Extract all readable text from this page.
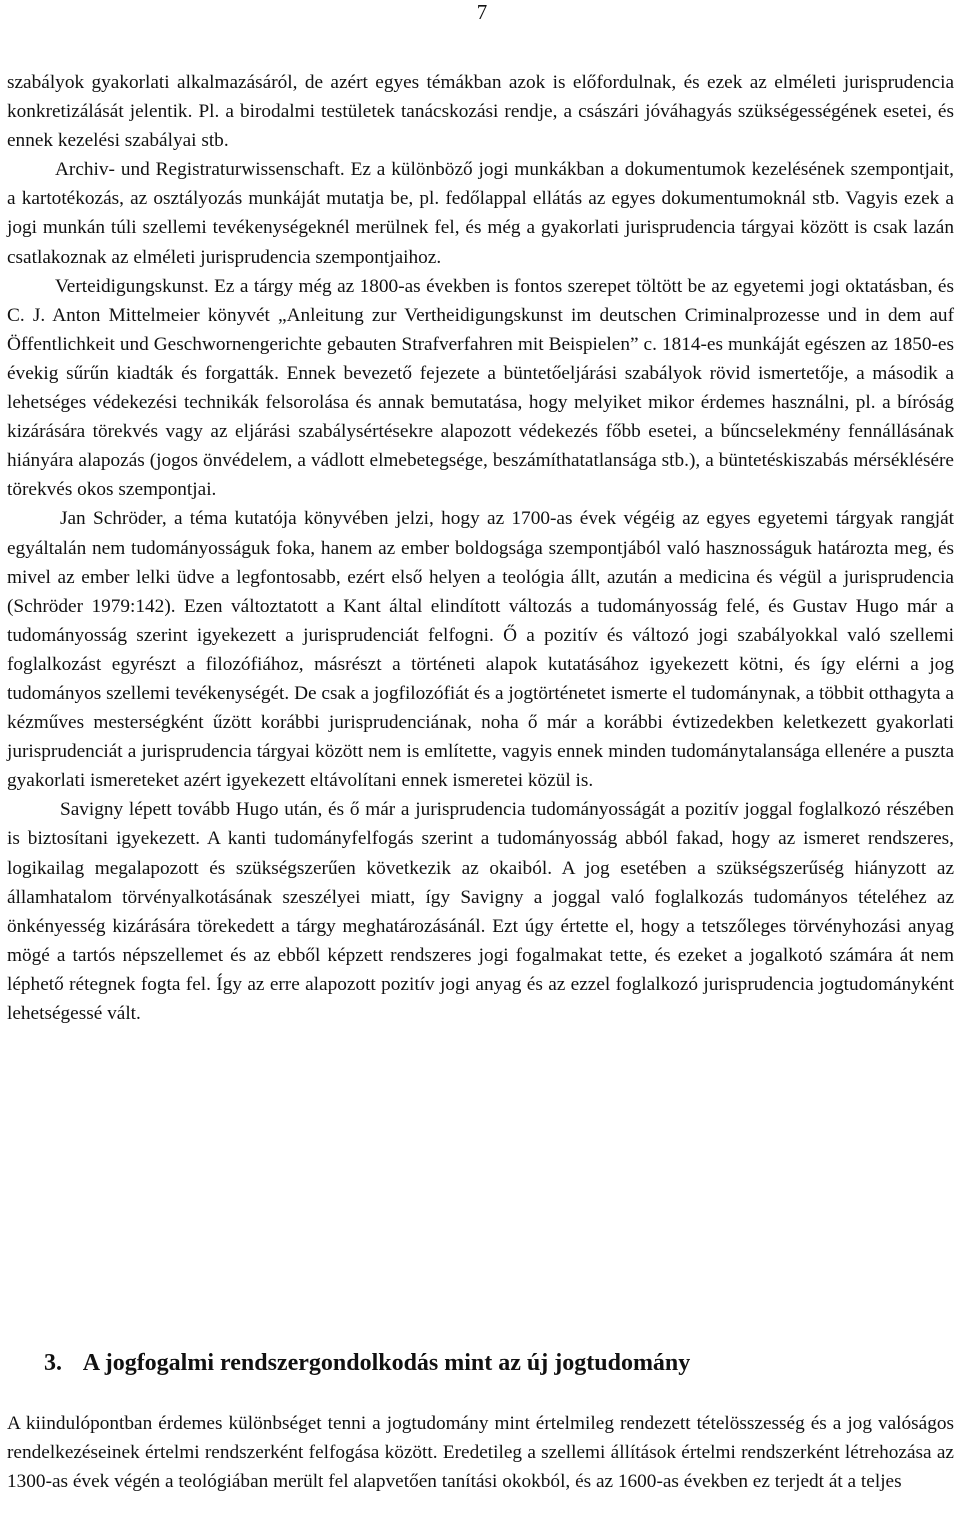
7

szabályok gyakorlati alkalmazásáról, de azért egyes témákban azok is előfordulnak, és ezek az elméleti jurisprudencia konkretizálását jelentik. Pl. a birodalmi testületek tanácskozási rendje, a császári jóváhagyás szükségességének esetei, és ennek kezelési szabályai stb.

Archiv- und Registraturwissenschaft. Ez a különböző jogi munkákban a dokumentumok kezelésének szempontjait, a kartotékozás, az osztályozás munkáját mutatja be, pl. fedőlappal ellátás az egyes dokumentumoknál stb. Vagyis ezek a jogi munkán túli szellemi tevékenységeknél merülnek fel, és még a gyakorlati jurisprudencia tárgyai között is csak lazán csatlakoznak az elméleti jurisprudencia szempontjaihoz.

Verteidigungskunst. Ez a tárgy még az 1800-as években is fontos szerepet töltött be az egyetemi jogi oktatásban, és C. J. Anton Mittelmeier könyvét „Anleitung zur Vertheidigungskunst im deutschen Criminalprozesse und in dem auf Öffentlichkeit und Geschwornengerichte gebauten Strafverfahren mit Beispielen” c. 1814-es munkáját egészen az 1850-es évekig sűrűn kiadták és forgatták. Ennek bevezető fejezete a büntetőeljárási szabályok rövid ismertetője, a második a lehetséges védekezési technikák felsorolása és annak bemutatása, hogy melyiket mikor érdemes használni, pl. a bíróság kizárására törekvés vagy az eljárási szabálysértésekre alapozott védekezés főbb esetei, a bűncselekmény fennállásának hiányára alapozás (jogos önvédelem, a vádlott elmebetegsége, beszámíthatatlansága stb.), a büntetéskiszabás mérséklésére törekvés okos szempontjai.

Jan Schröder, a téma kutatója könyvében jelzi, hogy az 1700-as évek végéig az egyes egyetemi tárgyak rangját egyáltalán nem tudományosságuk foka, hanem az ember boldogsága szempontjából való hasznosságuk határozta meg, és mivel az ember lelki üdve a legfontosabb, ezért első helyen a teológia állt, azután a medicina és végül a jurisprudencia (Schröder 1979:142). Ezen változtatott a Kant által elindított változás a tudományosság felé, és Gustav Hugo már a tudományosság szerint igyekezett a jurisprudenciát felfogni. Ő a pozitív és változó jogi szabályokkal való szellemi foglalkozást egyrészt a filozófiához, másrészt a történeti alapok kutatásához igyekezett kötni, és így elérni a jog tudományos szellemi tevékenységét. De csak a jogfilozófiát és a jogtörténetet ismerte el tudománynak, a többit otthagyta a kézműves mesterségként űzött korábbi jurisprudenciának, noha ő már a korábbi évtizedekben keletkezett gyakorlati jurisprudenciát a jurisprudencia tárgyai között nem is említette, vagyis ennek minden tudománytalansága ellenére a puszta gyakorlati ismereteket azért igyekezett eltávolítani ennek ismeretei közül is.

Savigny lépett tovább Hugo után, és ő már a jurisprudencia tudományosságát a pozitív joggal foglalkozó részében is biztosítani igyekezett. A kanti tudományfelfogás szerint a tudományosság abból fakad, hogy az ismeret rendszeres, logikailag megalapozott és szükségszerűen következik az okaiból. A jog esetében a szükségszerűség hiányzott az államhatalom törvényalkotásának szeszélyei miatt, így Savigny a joggal való foglalkozás tudományos tételéhez az önkényesség kizárására törekedett a tárgy meghatározásánál. Ezt úgy értette el, hogy a tetszőleges törvényhozási anyag mögé a tartós népszellemet és az ebből képzett rendszeres jogi fogalmakat tette, és ezeket a jogalkotó számára át nem léphető rétegnek fogta fel. Így az erre alapozott pozitív jogi anyag és az ezzel foglalkozó jurisprudencia jogtudományként lehetségessé vált.

3. A jogfogalmi rendszergondolkodás mint az új jogtudomány

A kiindulópontban érdemes különbséget tenni a jogtudomány mint értelmileg rendezett tételösszesség és a jog valóságos rendelkezéseinek értelmi rendszerként felfogása között. Eredetileg a szellemi állítások értelmi rendszerként létrehozása az 1300-as évek végén a teológiában merült fel alapvetően tanítási okokból, és az 1600-as években ez terjedt át a teljes
